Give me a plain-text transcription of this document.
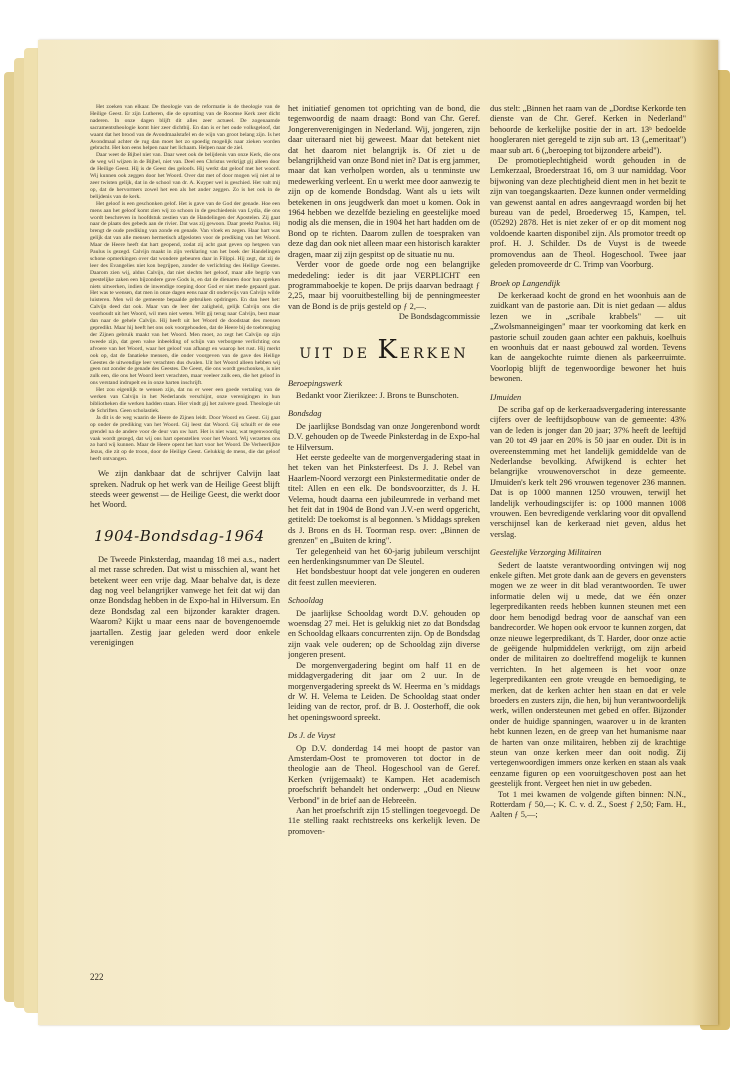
Het zoeken van elkaar. De theologie van de reformatie is de theologie van de Heilige Geest. Er zijn Lutheren, die de opvatting van de Roomse Kerk zeer dicht naderen. In onze dagen blijft dit alles zeer actueel. De zogenaamde sacramentstheologie komt hier zeer dichtbij. En dan is er het oude volksgeloof, dat waant dat het brood van de Avondmaalstafel en de wijn van groot belang zijn. Is het Avondmaal achter de rug dan moet het zo spoedig mogelijk naar zieken worden gebracht. Het kon eens helpen naar het lichaam. Helpen naar de ziel.

Daar weet de Bijbel niet van. Daar weet ook de belijdenis van onze Kerk, die ons de weg wil wijzen in de Bijbel, niet van. Deel een Christus verkrijgt gij alleen door de Heilige Geest. Hij is de Geest des geloofs. Hij werkt dat geloof met het woord. Wij kunnen ook zeggen door het Woord. Over dat met of door mogen wij niet al te zeer twisten gelijk, dat in de school van dr. A. Kuyper wel is geschied. Het valt mij op, dat de hervormers zowel het een als het ander zeggen. Zo is het ook in de belijdenis van de kerk.

Het geloof is een geschonken gelof. Het is gave van de God der genade. Hoe een mens aan het geloof komt zien wij zo schoon in de geschiedenis van Lydia, die ons wordt beschreven in hoofdstuk zestien van de Handelingen der Apostelen. Zij gaat naar de plaats des gebeds aan de rivier. Dat was zij gewoon. Daar preekt Paulus. Hij brengt de oude prediking van zonde en genade. Van vloek en zegen. Haar hart was gelijk dat van alle mensen hermetisch afgesloten voor de prediking van het Woord. Maar de Heere heeft dat hart geopend, zodat zij acht gaat geven op hetgeen van Paulus is gezegd. Calvijn maakt in zijn verklaring van het boek der Handelingen schone opmerkingen over dat wondere gebeuren daar in Filippi. Hij zegt, dat zij de leer des Evangelies niet kon begrijpen, zonder de verlichting des Heilige Geestes. Daarom zien wij, aldus Calvijn, dat niet slechts het geloof, maar alle begrip van geestelijke zaken een bijzondere gave Gods is, en dat de dienaren door hun spreken niets uitwerken, indien de inwendige roeping door God er niet mede gepaard gaat. Het was te wensen, dat men in onze dagen eens naar dit onderwijs van Calvijn wilde luisteren. Men wil de gemeente bepaalde gebruiken opdringen. En dan heet het: Calvijn deed dat ook. Maar van de leer der zaligheid, gelijk Calvijn ons die voorhoudt uit het Woord, wil men niet weten. Wilt gij terug naar Calvijn, best maar dan naar de gehele Calvijn. Hij heeft uit het Woord de doodstaat des mensen gepredikt. Maar hij heeft het ons ook voorgehouden, dat de Heere bij de toebrenging der Zijnen gebruik maakt van het Woord. Men moet, zo zegt het Calvijn op zijn tweede zijn, dat geen valse inbeelding of schijn van verborgene verlichting ons afvoere van het Woord, waar het geloof van afhangt en waarop het rust. Hij merkt ook op, dat de fanatieke mensen, die onder voorgeven van de gave des Heilige Geestes de uitwendige leer verachten dus dwalen. Uit het Woord alleen hebben wij geen nut zonder de genade des Geestes. De Geest, die ons wordt geschonken, is niet zulk een, die ons het Woord leert verachten, maar veeleer zulk een, die het geloof in ons verstand indrupelt en in onze harten inschrijft.

Het zou eigenlijk te wensen zijn, dat nu er weer een goede vertaling van de werken van Calvijn in het Nederlands verschijnt, onze verenigingen in hun bibliotheken die werken hadden staan. Hier vindt gij het zuivere goud. Theologie uit de Schriften. Geen scholastiek.

Ja dit is de weg waarin de Heere de Zijnen leidt. Door Woord en Geest. Gij gaat op onder de prediking van het Woord. Gij leest dat Woord. Gij schuift er de ene grendel na de andere voor de deur van uw hart. Het is niet waar, wat tegenwoordig vaak wordt gezegd, dat wij ons hart openstellen voor het Woord. Wij verzetten ons zo hard wij kunnen. Maar de Heere opent het hart voor het Woord. De Verheerlijkte Jezus, die zit op de troon, door de Heilige Geest. Gelukkig de mens, die dat geloof heeft ontvangen.

We zijn dankbaar dat de schrijver Calvijn laat spreken. Nadruk op het werk van de Heilige Geest blijft steeds weer gewenst — de Heilige Geest, die werkt door het Woord.

1904-Bondsdag-1964

De Tweede Pinksterdag, maandag 18 mei a.s., nadert al met rasse schreden. Dat wist u misschien al, want het betekent weer een vrije dag. Maar behalve dat, is deze dag nog veel belangrijker vanwege het feit dat wij dan onze Bondsdag hebben in de Expo-hal in Hilversum. En deze Bondsdag zal een bijzonder karakter dragen. Waarom? Kijkt u maar eens naar de bovengenoemde jaartallen. Zestig jaar geleden werd door enkele verenigingen

het initiatief genomen tot oprichting van de bond, die tegenwoordig de naam draagt: Bond van Chr. Geref. Jongerenverenigingen in Nederland. Wij, jongeren, zijn daar uiteraard niet bij geweest. Maar dat betekent niet dat het daarom niet belangrijk is. Of ziet u de belangrijkheid van onze Bond niet in? Dat is erg jammer, maar dat kan verholpen worden, als u tenminste uw medewerking verleent. En u werkt mee door aanwezig te zijn op de komende Bondsdag. Want als u iets wilt betekenen in ons jeugdwerk dan moet u komen. Ook in 1964 hebben we dezelfde bezieling en geestelijke moed nodig als die mensen, die in 1904 het hart hadden om de Bond op te richten. Daarom zullen de toespraken van deze dag dan ook niet alleen maar een historisch karakter dragen, maar zij zijn gespitst op de situatie nu nu.

Verder voor de goede orde nog een belangrijke mededeling: ieder is dit jaar VERPLICHT een programmaboekje te kopen. De prijs daarvan bedraagt ƒ 2,25, maar bij vooruitbestelling bij de penningmeester van de Bond is de prijs gesteld op ƒ 2,—.

De Bondsdagcommissie
UIT DE KERKEN
Beroepingswerk

Bedankt voor Zierikzee: J. Brons te Bunschoten.

Bondsdag

De jaarlijkse Bondsdag van onze Jongerenbond wordt D.V. gehouden op de Tweede Pinksterdag in de Expo-hal te Hilversum.

Het eerste gedeelte van de morgenvergadering staat in het teken van het Pinksterfeest. Ds J. J. Rebel van Haarlem-Noord verzorgt een Pinkstermeditatie onder de titel: Allen en een elk. De bondsvoorzitter, ds J. H. Velema, houdt daarna een jubileumrede in verband met het feit dat in 1904 de Bond van J.V.-en werd opgericht, getiteld: De toekomst is al begonnen. 's Middags spreken ds J. Brons en ds H. Toorman resp. over: „Binnen de grenzen" en „Buiten de kring".

Ter gelegenheid van het 60-jarig jubileum verschijnt een herdenkingsnummer van De Sleutel.

Het bondsbestuur hoopt dat vele jongeren en ouderen dit feest zullen meevieren.

Schooldag

De jaarlijkse Schooldag wordt D.V. gehouden op woensdag 27 mei. Het is gelukkig niet zo dat Bondsdag en Schooldag elkaars concurrenten zijn. Op de Bondsdag zijn vaak vele ouderen; op de Schooldag zijn diverse jongeren present.

De morgenvergadering begint om half 11 en de middagvergadering dit jaar om 2 uur. In de morgenvergadering spreekt ds W. Heerma en 's middags dr W. H. Velema te Leiden. De Schooldag staat onder leiding van de rector, prof. dr B. J. Oosterhoff, die ook het openingswoord spreekt.

Ds J. de Vuyst

Op D.V. donderdag 14 mei hoopt de pastor van Amsterdam-Oost te promoveren tot doctor in de theologie aan de Theol. Hogeschool van de Geref. Kerken (vrijgemaakt) te Kampen. Het academisch proefschrift behandelt het onderwerp: „Oud en Nieuw Verbond" in de brief aan de Hebreeën.

Aan het proefschrift zijn 15 stellingen toegevoegd. De 11e stelling raakt rechtstreeks ons kerkelijk leven. De promoven-

dus stelt: „Binnen het raam van de „Dordtse Kerkorde ten dienste van de Chr. Geref. Kerken in Nederland" behoorde de kerkelijke positie der in art. 13ᵇ bedoelde hoogleraren niet geregeld te zijn sub art. 13 („emeritaat") maar sub art. 6 („beroeping tot bijzondere arbeid").

De promotieplechtigheid wordt gehouden in de Lemkerzaal, Broederstraat 16, om 3 uur namiddag. Voor bijwoning van deze plechtigheid dient men in het bezit te zijn van toegangskaarten. Deze kunnen onder vermelding van gewenst aantal en adres aangevraagd worden bij het bureau van de pedel, Broederweg 15, Kampen, tel. (05292) 2878. Het is niet zeker of er op dit moment nog voldoende kaarten disponibel zijn. Als promotor treedt op prof. H. J. Schilder. Ds de Vuyst is de tweede promovendus aan de Theol. Hogeschool. Twee jaar geleden promoveerde dr C. Trimp van Voorburg.

Broek op Langendijk

De kerkeraad kocht de grond en het woonhuis aan de zuidkant van de pastorie aan. Dit is niet gedaan — aldus lezen we in „scribale krabbels" — uit „Zwolsmanneigingen" maar ter voorkoming dat kerk en pastorie schuil zouden gaan achter een pakhuis, koelhuis en woonhuis dat er naast gebouwd zal worden. Tevens kan de aangekochte ruimte dienen als parkeerruimte. Voorlopig blijft de tegenwoordige bewoner het huis bewonen.

IJmuiden

De scriba gaf op de kerkeraadsvergadering interessante cijfers over de leeftijdsopbouw van de gemeente: 43% van de leden is jonger dan 20 jaar; 37% heeft de leeftijd van 20 tot 49 jaar en 20% is 50 jaar en ouder. Dit is in overeenstemming met het landelijk gemiddelde van de Nederlandse bevolking. Afwijkend is echter het belangrijke vrouwenoverschot in deze gemeente. IJmuiden's kerk telt 296 vrouwen tegenover 236 mannen. Dat is op 1000 mannen 1250 vrouwen, terwijl het landelijk verhoudingscijfer is: op 1000 mannen 1008 vrouwen. Een bevredigende verklaring voor dit opvallend verschijnsel kan de kerkeraad niet geven, aldus het verslag.

Geestelijke Verzorging Militairen

Sedert de laatste verantwoording ontvingen wij nog enkele giften. Met grote dank aan de gevers en gevensters mogen we ze weer in dit blad verantwoorden. Te uwer informatie delen wij u mede, dat we één onzer legerpredikanten reeds hebben kunnen steunen met een door hem benodigd bedrag voor de aanschaf van een bandrecorder. We hopen ook ervoor te kunnen zorgen, dat onze nieuwe legerpredikant, ds T. Harder, door onze actie de geëigende hulpmiddelen verkrijgt, om zijn arbeid onder de militairen zo doeltreffend mogelijk te kunnen verrichten. In het algemeen is het voor onze legerpredikanten een grote vreugde en bemoediging, te merken, dat de kerken achter hen staan en dat er vele broeders en zusters zijn, die hen, bij hun verantwoordelijk werk, willen ondersteunen met gebed en offer. Bijzonder onder de huidige spanningen, waarover u in de kranten hebt kunnen lezen, en de greep van het humanisme naar de harten van onze militairen, hebben zij de krachtige steun van onze kerken meer dan ooit nodig. Zij vertegenwoordigen immers onze kerken en staan als vaak eenzame figuren op een vooruitgeschoven post aan het geestelijk front. Vergeet hen niet in uw gebeden.

Tot 1 mei kwamen de volgende giften binnen: N.N., Rotterdam ƒ 50,—; K. C. v. d. Z., Soest ƒ 2,50; Fam. H., Aalten ƒ 5,—;

222
